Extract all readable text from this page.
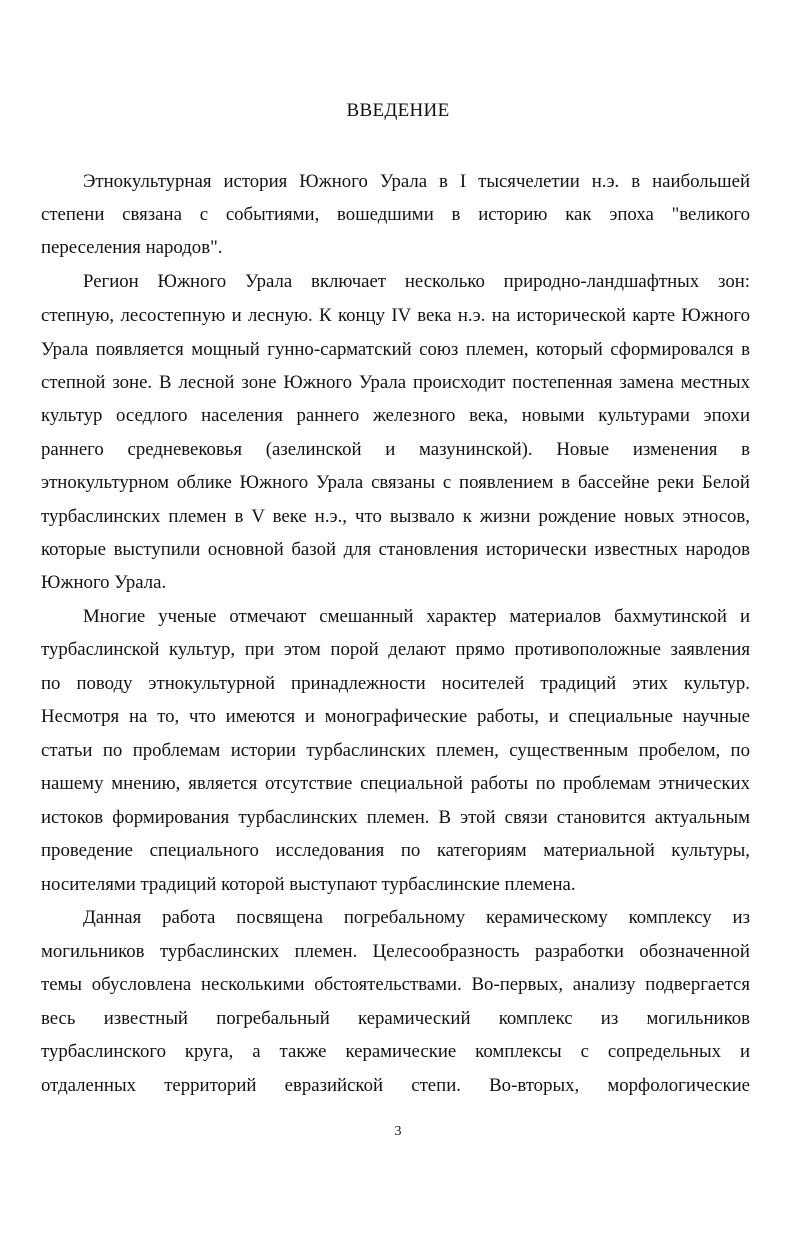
ВВЕДЕНИЕ
Этнокультурная история Южного Урала в I тысячелетии н.э. в наибольшей
степени связана с событиями, вошедшими в историю как эпоха "великого
переселения народов".
Регион Южного Урала включает несколько природно-ландшафтных зон:
степную, лесостепную и лесную. К концу IV века н.э. на исторической карте Южного
Урала появляется мощный гунно-сарматский союз племен, который сформировался в
степной зоне. В лесной зоне Южного Урала происходит постепенная замена местных
культур оседлого населения раннего железного века, новыми культурами эпохи
раннего средневековья (азелинской и мазунинской). Новые изменения в
этнокультурном облике Южного Урала связаны с появлением в бассейне реки Белой
турбаслинских племен в V веке н.э., что вызвало к жизни рождение новых этносов,
которые выступили основной базой для становления исторически известных народов
Южного Урала.
Многие ученые отмечают смешанный характер материалов бахмутинской и
турбаслинской культур, при этом порой делают прямо противоположные заявления
по поводу этнокультурной принадлежности носителей традиций этих культур.
Несмотря на то, что имеются и монографические работы, и специальные научные
статьи по проблемам истории турбаслинских племен, существенным пробелом, по
нашему мнению, является отсутствие специальной работы по проблемам этнических
истоков формирования турбаслинских племен. В этой связи становится актуальным
проведение специального исследования по категориям материальной культуры,
носителями традиций которой выступают турбаслинские племена.
Данная работа посвящена погребальному керамическому комплексу из
могильников турбаслинских племен. Целесообразность разработки обозначенной
темы обусловлена несколькими обстоятельствами. Во-первых, анализу подвергается
весь известный погребальный керамический комплекс из могильников
турбаслинского круга, а также керамические комплексы с сопредельных и
отдаленных территорий евразийской степи. Во-вторых, морфологические
3
